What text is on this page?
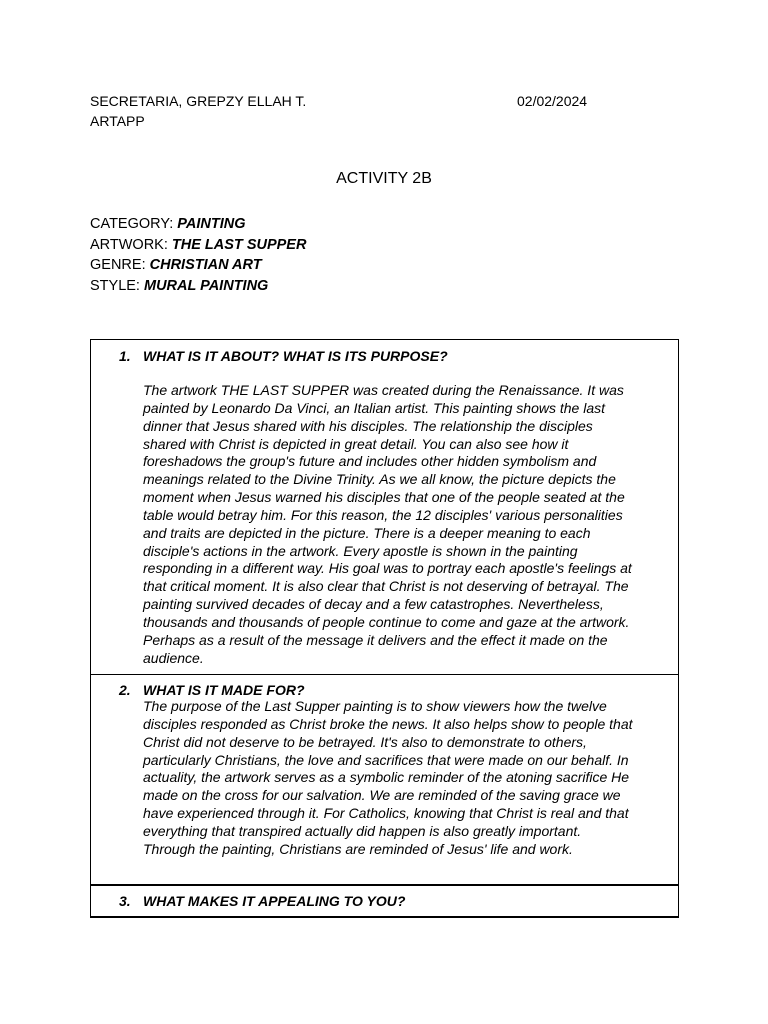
SECRETARIA, GREPZY ELLAH T.
ARTAPP
02/02/2024
ACTIVITY 2B
CATEGORY: PAINTING
ARTWORK: THE LAST SUPPER
GENRE: CHRISTIAN ART
STYLE: MURAL PAINTING
1. WHAT IS IT ABOUT? WHAT IS ITS PURPOSE?
The artwork THE LAST SUPPER was created during the Renaissance. It was
painted by Leonardo Da Vinci, an Italian artist. This painting shows the last
dinner that Jesus shared with his disciples. The relationship the disciples
shared with Christ is depicted in great detail. You can also see how it
foreshadows the group's future and includes other hidden symbolism and
meanings related to the Divine Trinity. As we all know, the picture depicts the
moment when Jesus warned his disciples that one of the people seated at the
table would betray him. For this reason, the 12 disciples' various personalities
and traits are depicted in the picture. There is a deeper meaning to each
disciple's actions in the artwork. Every apostle is shown in the painting
responding in a different way. His goal was to portray each apostle's feelings at
that critical moment. It is also clear that Christ is not deserving of betrayal. The
painting survived decades of decay and a few catastrophes. Nevertheless,
thousands and thousands of people continue to come and gaze at the artwork.
Perhaps as a result of the message it delivers and the effect it made on the
audience.
2. WHAT IS IT MADE FOR?
The purpose of the Last Supper painting is to show viewers how the twelve
disciples responded as Christ broke the news. It also helps show to people that
Christ did not deserve to be betrayed. It's also to demonstrate to others,
particularly Christians, the love and sacrifices that were made on our behalf. In
actuality, the artwork serves as a symbolic reminder of the atoning sacrifice He
made on the cross for our salvation. We are reminded of the saving grace we
have experienced through it. For Catholics, knowing that Christ is real and that
everything that transpired actually did happen is also greatly important.
Through the painting, Christians are reminded of Jesus' life and work.
3. WHAT MAKES IT APPEALING TO YOU?
